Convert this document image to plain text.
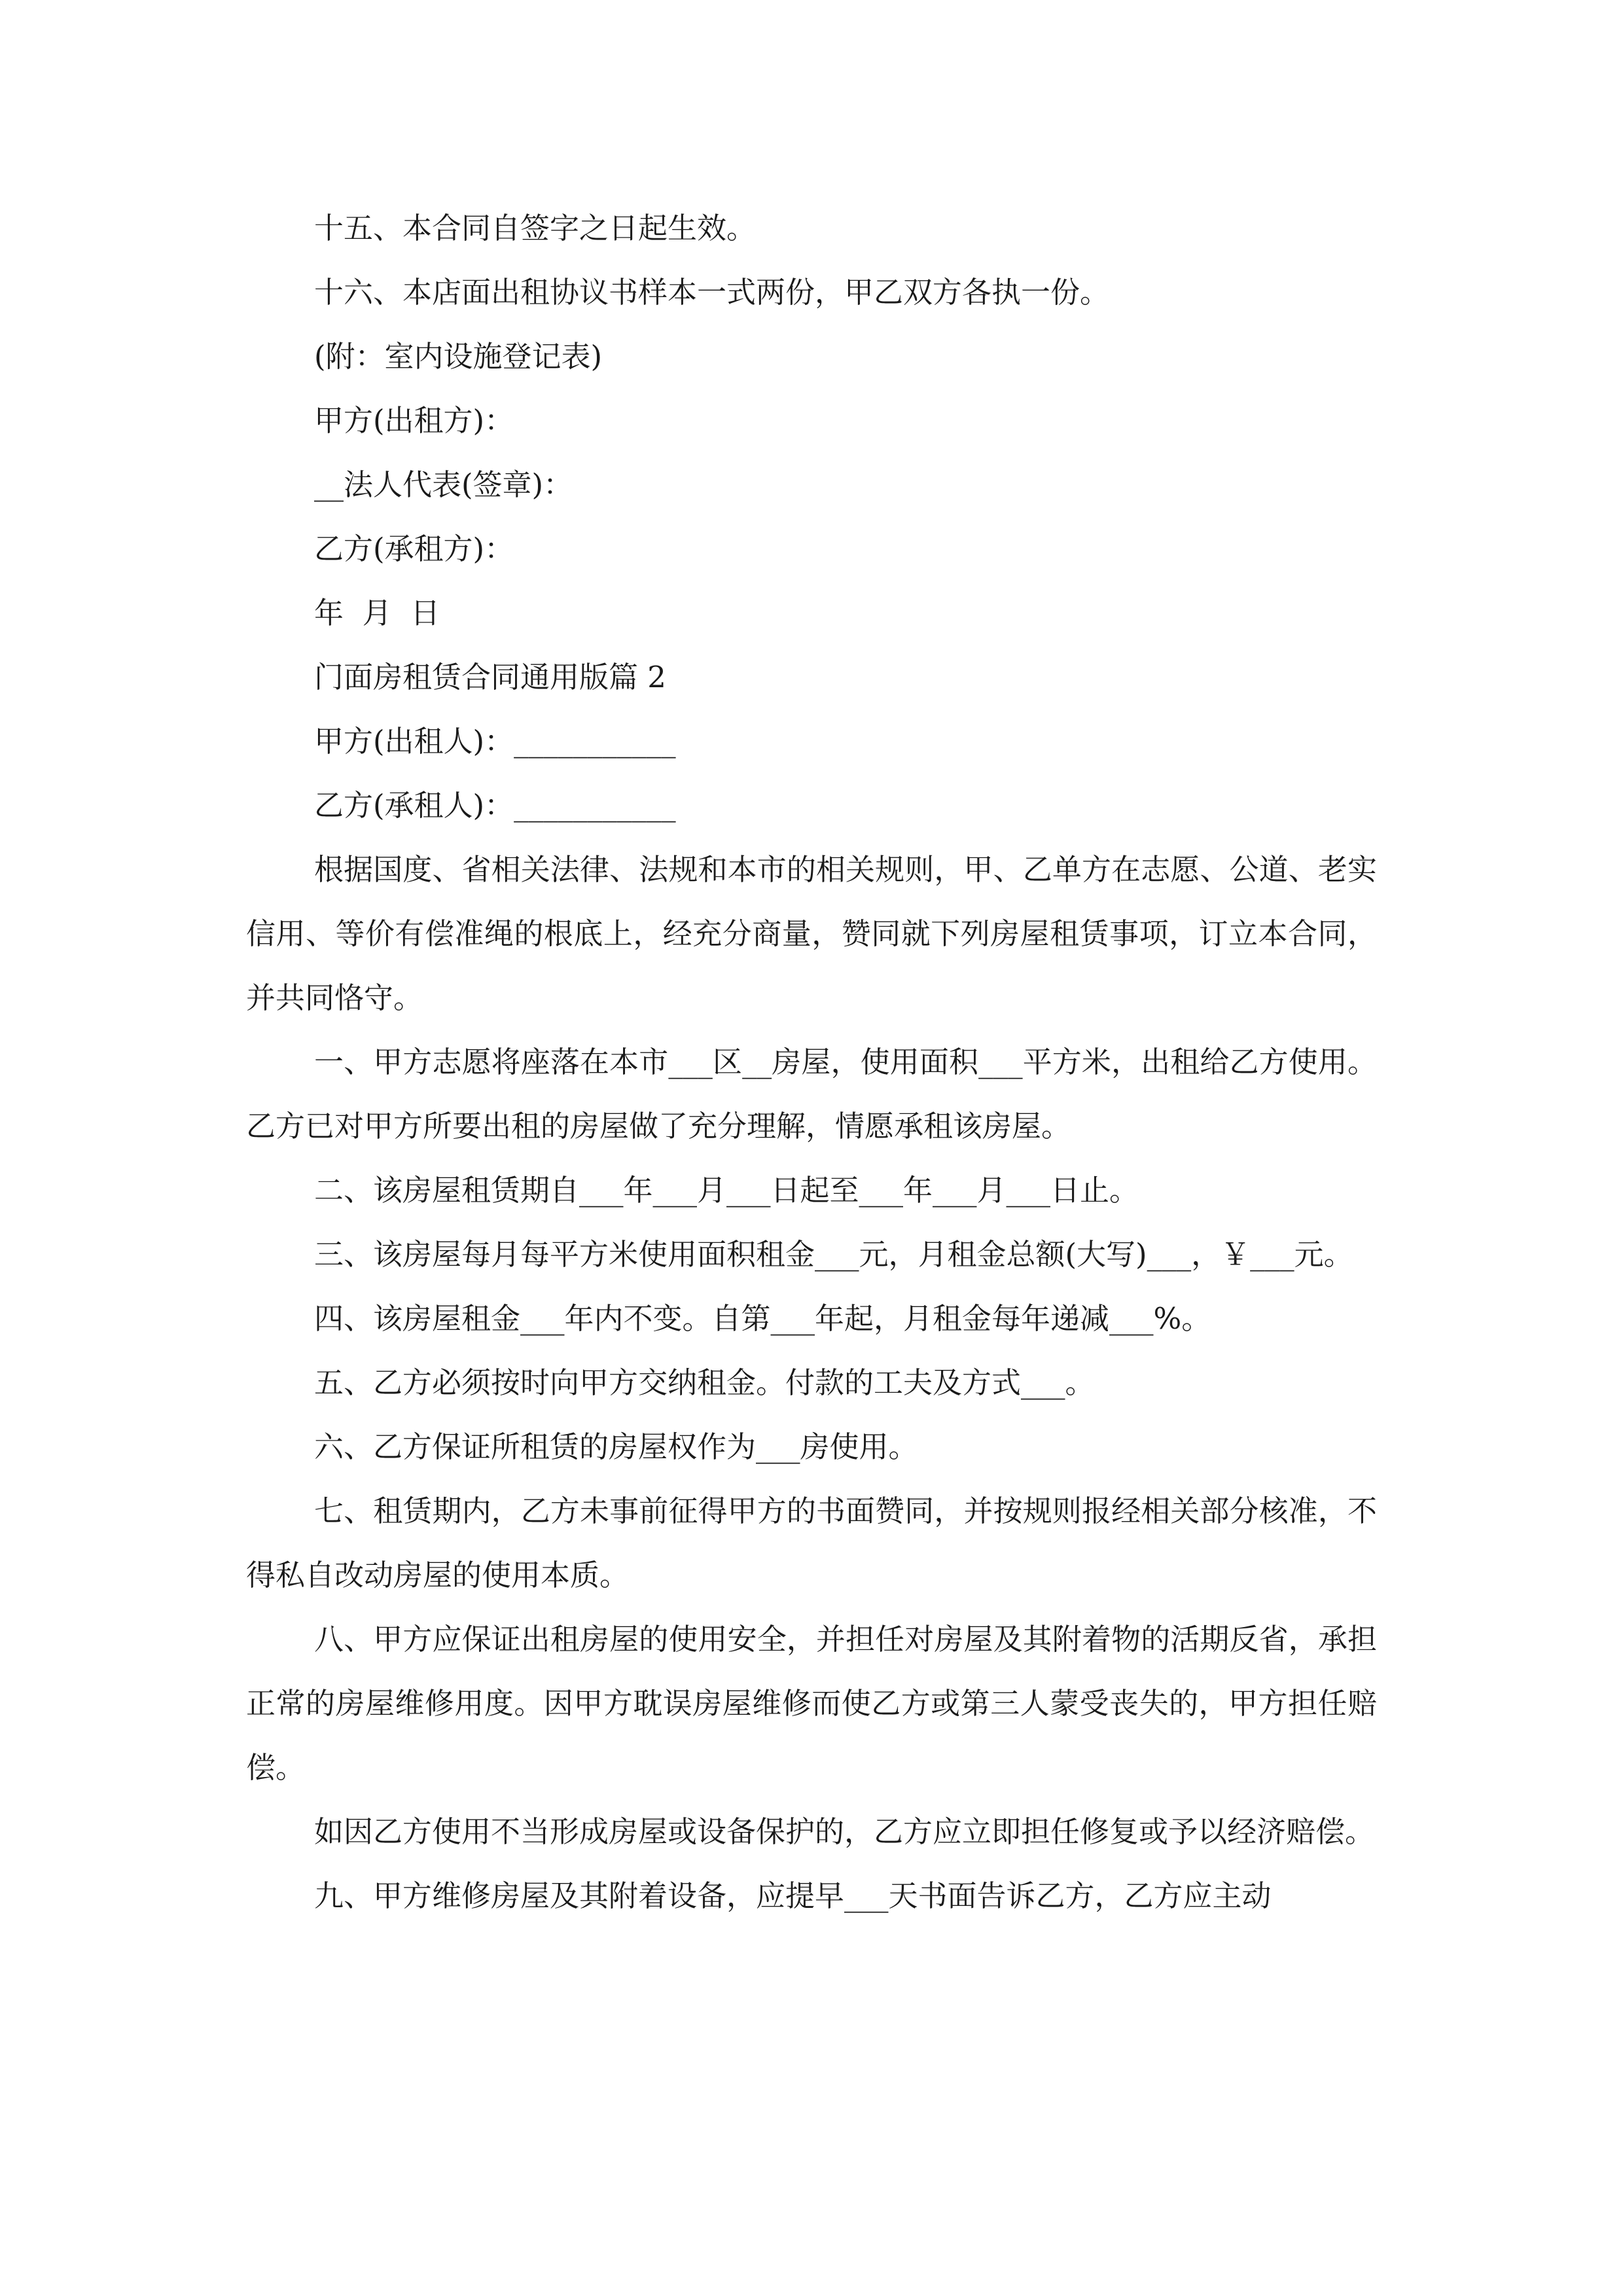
十五、本合同自签字之日起生效。

十六、本店面出租协议书样本一式两份，甲乙双方各执一份。

(附：室内设施登记表)

甲方(出租方)：

__法人代表(签章)：

乙方(承租方)：

年  月  日

门面房租赁合同通用版篇 2

甲方(出租人)：___________

乙方(承租人)：___________

根据国度、省相关法律、法规和本市的相关规则，甲、乙单方在志愿、公道、老实信用、等价有偿准绳的根底上，经充分商量，赞同就下列房屋租赁事项，订立本合同，并共同恪守。

一、甲方志愿将座落在本市___区__房屋，使用面积___平方米，出租给乙方使用。乙方已对甲方所要出租的房屋做了充分理解，情愿承租该房屋。

二、该房屋租赁期自___年___月___日起至___年___月___日止。

三、该房屋每月每平方米使用面积租金___元，月租金总额(大写)___，￥___元。

四、该房屋租金___年内不变。自第___年起，月租金每年递减___%。

五、乙方必须按时向甲方交纳租金。付款的工夫及方式___。

六、乙方保证所租赁的房屋权作为___房使用。

七、租赁期内，乙方未事前征得甲方的书面赞同，并按规则报经相关部分核准，不得私自改动房屋的使用本质。

八、甲方应保证出租房屋的使用安全，并担任对房屋及其附着物的活期反省，承担正常的房屋维修用度。因甲方耽误房屋维修而使乙方或第三人蒙受丧失的，甲方担任赔偿。

如因乙方使用不当形成房屋或设备保护的，乙方应立即担任修复或予以经济赔偿。

九、甲方维修房屋及其附着设备，应提早___天书面告诉乙方，乙方应主动
